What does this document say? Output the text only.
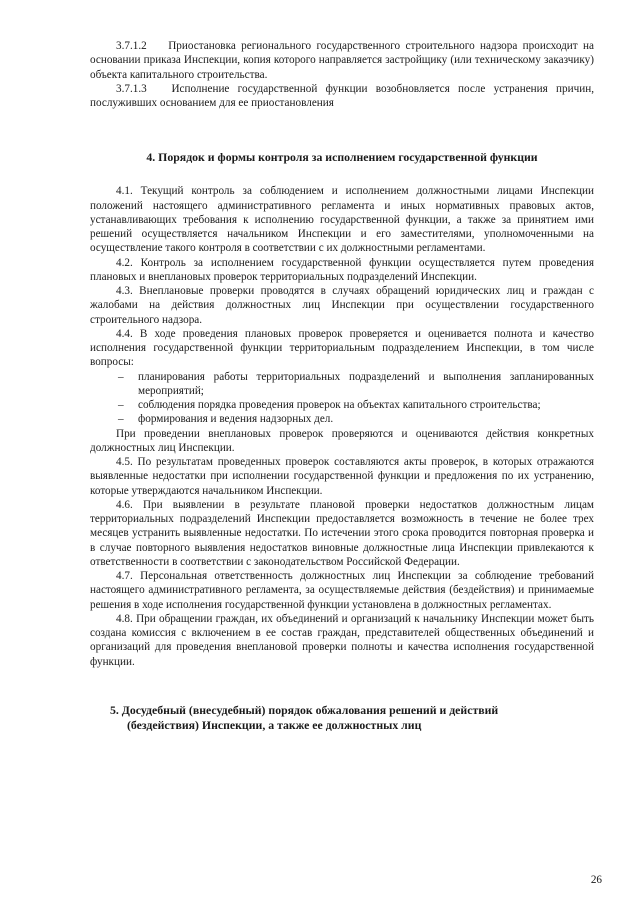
3.7.1.2    Приостановка регионального государственного строительного надзора происходит на основании приказа Инспекции, копия которого направляется застройщику (или техническому заказчику) объекта капитального строительства.

3.7.1.3   Исполнение государственной функции возобновляется после устранения причин, послуживших основанием для ее приостановления

4. Порядок и формы контроля за исполнением государственной функции

4.1. Текущий контроль за соблюдением и исполнением должностными лицами Инспекции положений настоящего административного регламента и иных нормативных правовых актов, устанавливающих требования к исполнению государственной функции, а также за принятием ими решений осуществляется начальником Инспекции и его заместителями, уполномоченными на осуществление такого контроля в соответствии с их должностными регламентами.

4.2. Контроль за исполнением государственной функции осуществляется путем проведения плановых и внеплановых проверок территориальных подразделений Инспекции.

4.3. Внеплановые проверки проводятся в случаях обращений юридических лиц и граждан с жалобами на действия должностных лиц Инспекции при осуществлении государственного строительного надзора.

4.4. В ходе проведения плановых проверок проверяется и оценивается полнота и качество исполнения государственной функции территориальным подразделением Инспекции, в том числе вопросы:

– планирования работы территориальных подразделений и выполнения запланированных мероприятий;
– соблюдения порядка проведения проверок на объектах капитального строительства;
– формирования и ведения надзорных дел.

При проведении внеплановых проверок проверяются и оцениваются действия конкретных должностных лиц Инспекции.

4.5. По результатам проведенных проверок составляются акты проверок, в которых отражаются выявленные недостатки при исполнении государственной функции и предложения по их устранению, которые утверждаются начальником Инспекции.

4.6. При выявлении в результате плановой проверки недостатков должностным лицам территориальных подразделений Инспекции предоставляется возможность в течение не более трех месяцев устранить выявленные недостатки. По истечении этого срока проводится повторная проверка и в случае повторного выявления недостатков виновные должностные лица Инспекции привлекаются к ответственности в соответствии с законодательством Российской Федерации.

4.7. Персональная ответственность должностных лиц Инспекции за соблюдение требований настоящего административного регламента, за осуществляемые действия (бездействия) и принимаемые решения в ходе исполнения государственной функции установлена в должностных регламентах.

4.8. При обращении граждан, их объединений и организаций к начальнику Инспекции может быть создана комиссия с включением в ее состав граждан, представителей общественных объединений и организаций для проведения внеплановой проверки полноты и качества исполнения государственной функции.

5. Досудебный (внесудебный) порядок обжалования решений и действий
(бездействия) Инспекции, а также ее должностных лиц

26
